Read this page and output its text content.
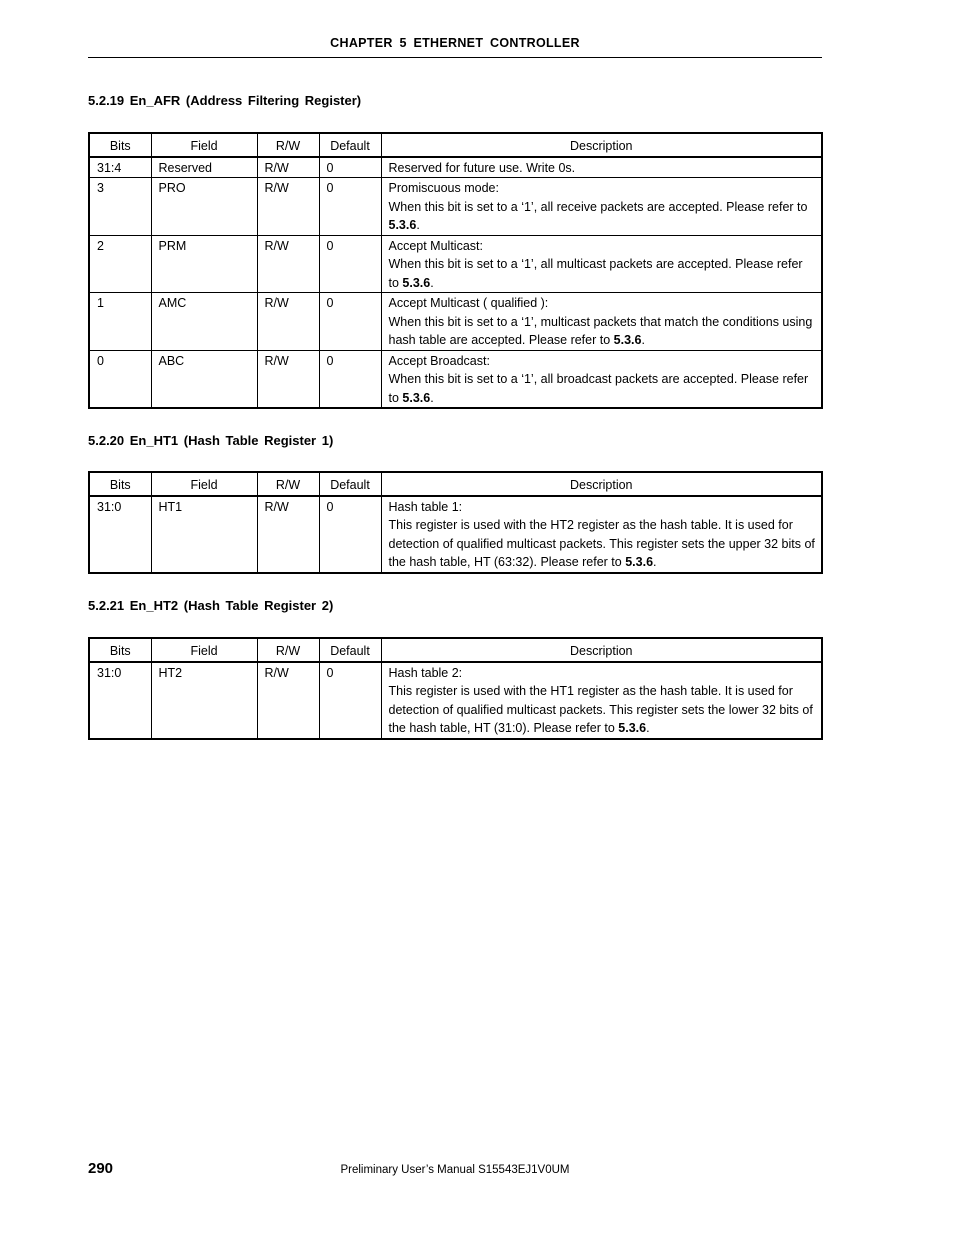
CHAPTER 5 ETHERNET CONTROLLER
5.2.19 En_AFR (Address Filtering Register)
Bits	Field	R/W	Default	Description
31:4	Reserved	R/W	0	Reserved for future use. Write 0s.

3	PRO	R/W	0	Promiscuous mode:
When this bit is set to a ‘1’, all receive packets are accepted. Please refer to 5.3.6.
2	PRM	R/W	0	Accept Multicast:
When this bit is set to a ‘1’, all multicast packets are accepted. Please refer to 5.3.6.
1	AMC	R/W	0	Accept Multicast ( qualified ):
When this bit is set to a ‘1’, multicast packets that match the conditions using hash table are accepted. Please refer to 5.3.6.
0	ABC	R/W	0	Accept Broadcast:
When this bit is set to a ‘1’, all broadcast packets are accepted. Please refer to 5.3.6.
5.2.20 En_HT1 (Hash Table Register 1)
Bits	Field	R/W	Default	Description
31:0	HT1	R/W	0	Hash table 1:
This register is used with the HT2 register as the hash table. It is used for detection of qualified multicast packets. This register sets the upper 32 bits of the hash table, HT (63:32). Please refer to 5.3.6.
5.2.21 En_HT2 (Hash Table Register 2)
Bits	Field	R/W	Default	Description
31:0	HT2	R/W	0	Hash table 2:
This register is used with the HT1 register as the hash table. It is used for detection of qualified multicast packets. This register sets the lower 32 bits of the hash table, HT (31:0). Please refer to 5.3.6.
290	Preliminary User’s Manual S15543EJ1V0UM
